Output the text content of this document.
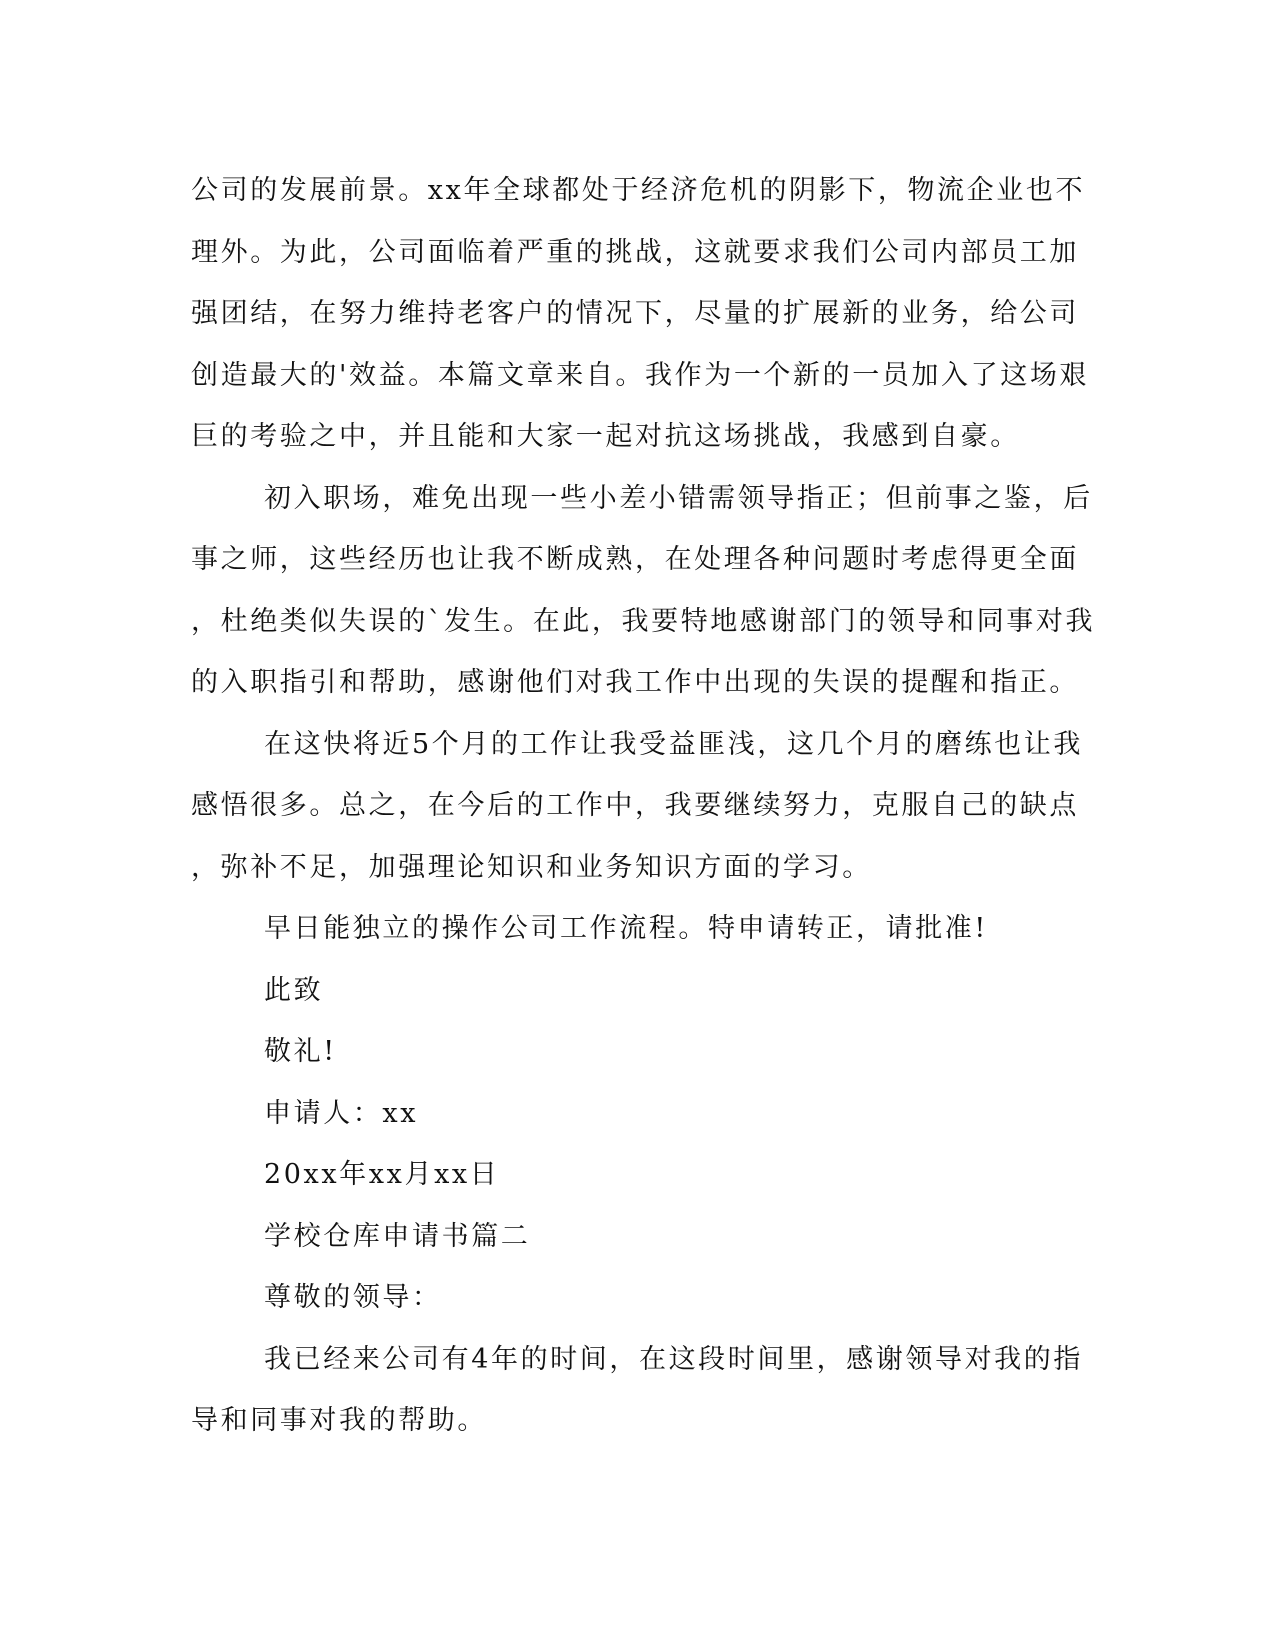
公司的发展前景。xx年全球都处于经济危机的阴影下，物流企业也不
理外。为此，公司面临着严重的挑战，这就要求我们公司内部员工加
强团结，在努力维持老客户的情况下，尽量的扩展新的业务，给公司
创造最大的'效益。本篇文章来自。我作为一个新的一员加入了这场艰
巨的考验之中，并且能和大家一起对抗这场挑战，我感到自豪。
初入职场，难免出现一些小差小错需领导指正；但前事之鉴，后
事之师，这些经历也让我不断成熟，在处理各种问题时考虑得更全面
，杜绝类似失误的`发生。在此，我要特地感谢部门的领导和同事对我
的入职指引和帮助，感谢他们对我工作中出现的失误的提醒和指正。
在这快将近5个月的工作让我受益匪浅，这几个月的磨练也让我
感悟很多。总之，在今后的工作中，我要继续努力，克服自己的缺点
，弥补不足，加强理论知识和业务知识方面的学习。
早日能独立的操作公司工作流程。特申请转正，请批准!
此致
敬礼!
申请人：xx
20xx年xx月xx日
学校仓库申请书篇二
尊敬的领导：
我已经来公司有4年的时间，在这段时间里，感谢领导对我的指
导和同事对我的帮助。
